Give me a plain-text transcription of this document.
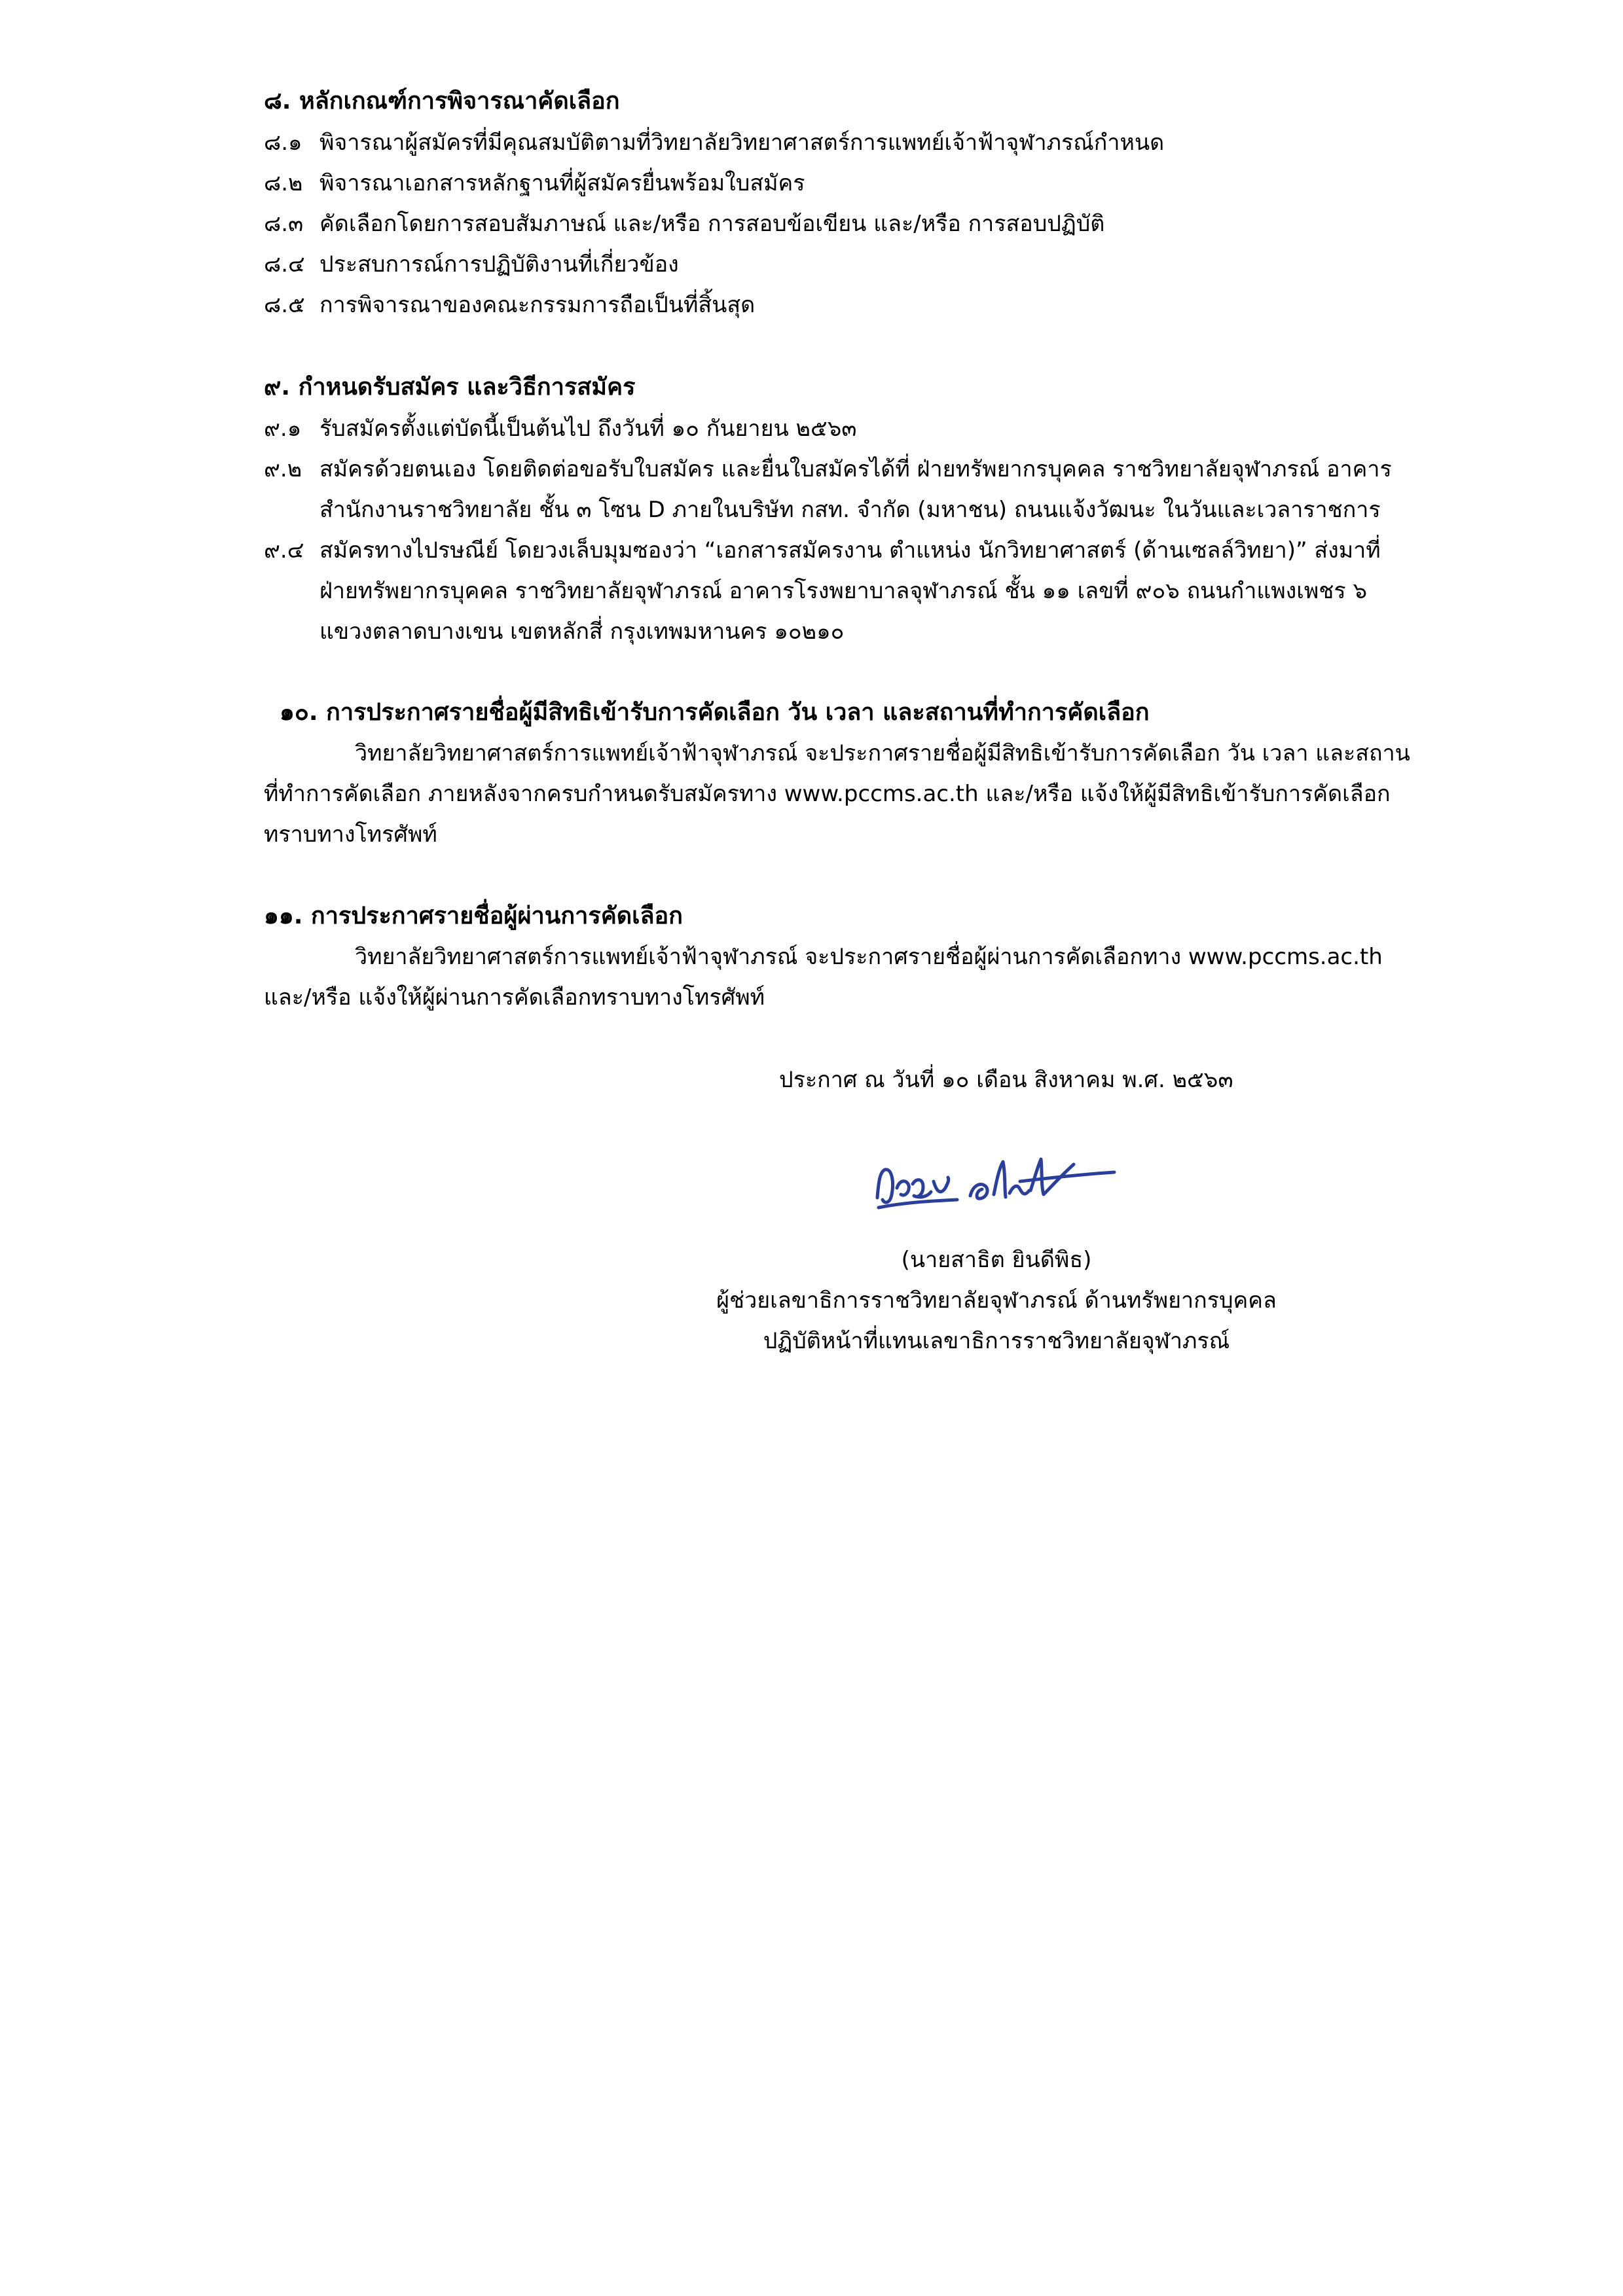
๘. หลักเกณฑ์การพิจารณาคัดเลือก
๘.๑ พิจารณาผู้สมัครที่มีคุณสมบัติตามที่วิทยาลัยวิทยาศาสตร์การแพทย์เจ้าฟ้าจุฬาภรณ์กำหนด
๘.๒ พิจารณาเอกสารหลักฐานที่ผู้สมัครยื่นพร้อมใบสมัคร
๘.๓ คัดเลือกโดยการสอบสัมภาษณ์ และ/หรือ การสอบข้อเขียน และ/หรือ การสอบปฏิบัติ
๘.๔ ประสบการณ์การปฏิบัติงานที่เกี่ยวข้อง
๘.๕ การพิจารณาของคณะกรรมการถือเป็นที่สิ้นสุด
๙. กำหนดรับสมัคร และวิธีการสมัคร
๙.๑ รับสมัครตั้งแต่บัดนี้เป็นต้นไป ถึงวันที่ ๑๐ กันยายน ๒๕๖๓
๙.๒ สมัครด้วยตนเอง โดยติดต่อขอรับใบสมัคร และยื่นใบสมัครได้ที่ ฝ่ายทรัพยากรบุคคล ราชวิทยาลัยจุฬาภรณ์ อาคาร
สำนักงานราชวิทยาลัย ชั้น ๓ โซน D ภายในบริษัท กสท. จำกัด (มหาชน) ถนนแจ้งวัฒนะ ในวันและเวลาราชการ
๙.๔ สมัครทางไปรษณีย์ โดยวงเล็บมุมซองว่า “เอกสารสมัครงาน ตำแหน่ง นักวิทยาศาสตร์ (ด้านเซลล์วิทยา)” ส่งมาที่
ฝ่ายทรัพยากรบุคคล ราชวิทยาลัยจุฬาภรณ์ อาคารโรงพยาบาลจุฬาภรณ์ ชั้น ๑๑ เลขที่ ๙๐๖ ถนนกำแพงเพชร ๖
แขวงตลาดบางเขน เขตหลักสี่ กรุงเทพมหานคร ๑๐๒๑๐
๑๐. การประกาศรายชื่อผู้มีสิทธิเข้ารับการคัดเลือก วัน เวลา และสถานที่ทำการคัดเลือก
วิทยาลัยวิทยาศาสตร์การแพทย์เจ้าฟ้าจุฬาภรณ์ จะประกาศรายชื่อผู้มีสิทธิเข้ารับการคัดเลือก วัน เวลา และสถาน
ที่ทำการคัดเลือก ภายหลังจากครบกำหนดรับสมัครทาง www.pccms.ac.th และ/หรือ แจ้งให้ผู้มีสิทธิเข้ารับการคัดเลือก
ทราบทางโทรศัพท์
๑๑. การประกาศรายชื่อผู้ผ่านการคัดเลือก
วิทยาลัยวิทยาศาสตร์การแพทย์เจ้าฟ้าจุฬาภรณ์ จะประกาศรายชื่อผู้ผ่านการคัดเลือกทาง www.pccms.ac.th
และ/หรือ แจ้งให้ผู้ผ่านการคัดเลือกทราบทางโทรศัพท์
ประกาศ ณ วันที่ ๑๐ เดือน สิงหาคม พ.ศ. ๒๕๖๓
(นายสาธิต ยินดีพิธ)
ผู้ช่วยเลขาธิการราชวิทยาลัยจุฬาภรณ์ ด้านทรัพยากรบุคคล
ปฏิบัติหน้าที่แทนเลขาธิการราชวิทยาลัยจุฬาภรณ์
